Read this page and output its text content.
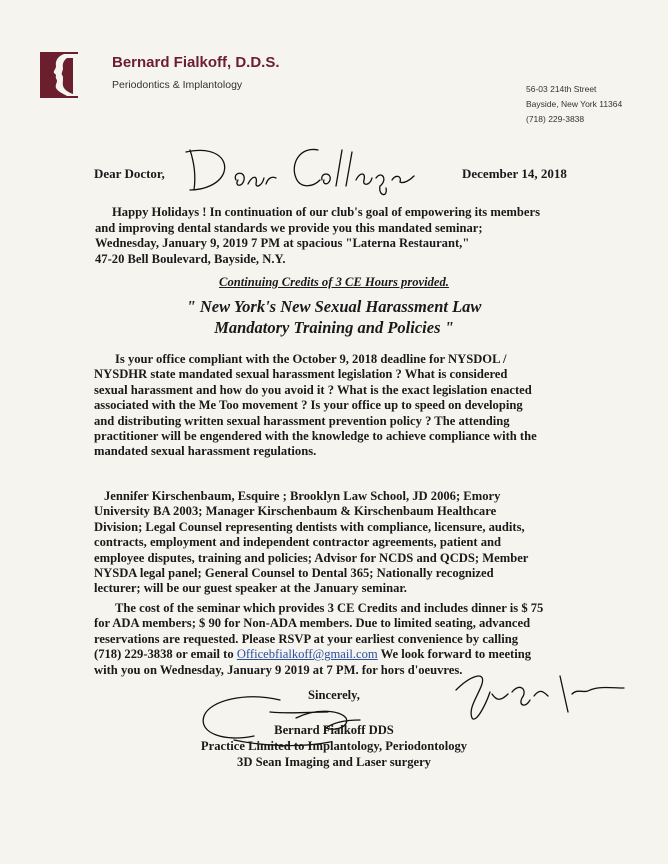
Bernard Fialkoff, D.D.S.
Periodontics & Implantology	56-03 214th Street
Bayside, New York 11364
(718) 229-3838
Dear Doctor,	December 14, 2018
Happy Holidays ! In continuation of our club's goal of empowering its members
and improving dental standards we provide you this mandated seminar;
Wednesday, January 9, 2019 7 PM at spacious "Laterna Restaurant,"
47-20 Bell Boulevard, Bayside, N.Y.
Continuing Credits of 3 CE Hours provided.
" New York's New Sexual Harassment Law
Mandatory Training and Policies "
Is your office compliant with the October 9, 2018 deadline for NYSDOL /
NYSDHR state mandated sexual harassment legislation ? What is considered
sexual harassment and how do you avoid it ? What is the exact legislation enacted
associated with the Me Too movement ? Is your office up to speed on developing
and distributing written sexual harassment prevention policy ? The attending
practitioner will be engendered with the knowledge to achieve compliance with the
mandated sexual harassment regulations.
Jennifer Kirschenbaum, Esquire ; Brooklyn Law School, JD 2006; Emory
University BA 2003; Manager Kirschenbaum & Kirschenbaum Healthcare
Division; Legal Counsel representing dentists with compliance, licensure, audits,
contracts, employment and independent contractor agreements, patient and
employee disputes, training and policies; Advisor for NCDS and QCDS; Member
NYSDA legal panel; General Counsel to Dental 365; Nationally recognized
lecturer; will be our guest speaker at the January seminar.
The cost of the seminar which provides 3 CE Credits and includes dinner is $ 75
for ADA members; $ 90 for Non-ADA members. Due to limited seating, advanced
reservations are requested. Please RSVP at your earliest convenience by calling
(718) 229-3838 or email to Officebfialkoff@gmail.com We look forward to meeting
with you on Wednesday, January 9 2019 at 7 PM. for hors d'oeuvres.
Sincerely,
Bernard Fialkoff DDS
Practice Limited to Implantology, Periodontology
3D Sean Imaging and Laser surgery
